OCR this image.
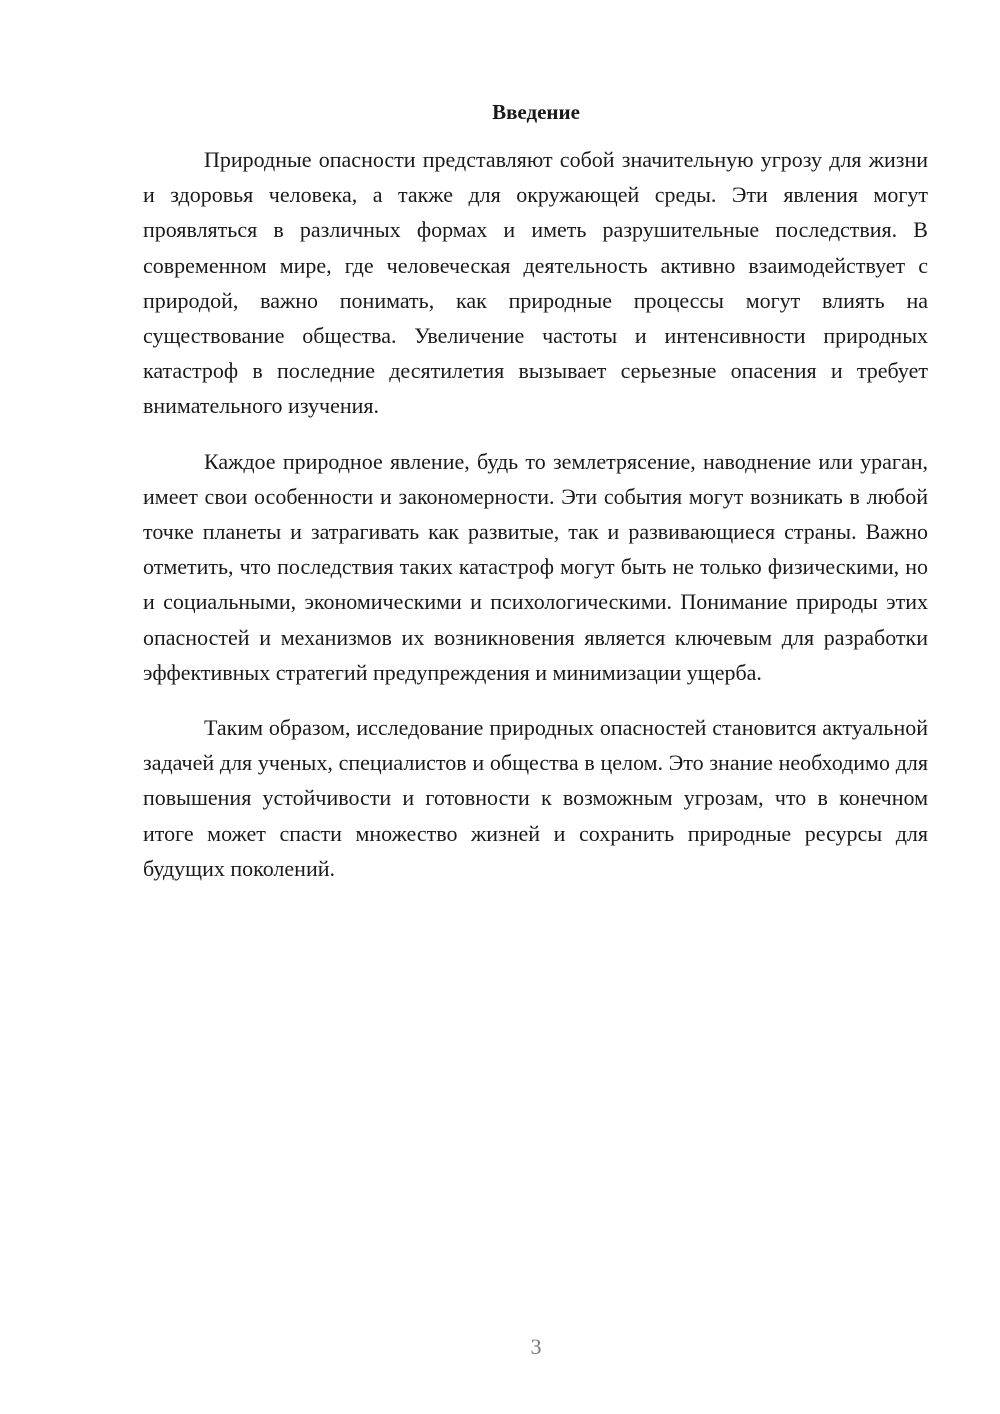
Введение

Природные опасности представляют собой значительную угрозу для жизни и здоровья человека, а также для окружающей среды. Эти явления могут проявляться в различных формах и иметь разрушительные последствия. В современном мире, где человеческая деятельность активно взаимодействует с природой, важно понимать, как природные процессы могут влиять на существование общества. Увеличение частоты и интенсивности природных катастроф в последние десятилетия вызывает серьезные опасения и требует внимательного изучения.

Каждое природное явление, будь то землетрясение, наводнение или ураган, имеет свои особенности и закономерности. Эти события могут возникать в любой точке планеты и затрагивать как развитые, так и развивающиеся страны. Важно отметить, что последствия таких катастроф могут быть не только физическими, но и социальными, экономическими и психологическими. Понимание природы этих опасностей и механизмов их возникновения является ключевым для разработки эффективных стратегий предупреждения и минимизации ущерба.

Таким образом, исследование природных опасностей становится актуальной задачей для ученых, специалистов и общества в целом. Это знание необходимо для повышения устойчивости и готовности к возможным угрозам, что в конечном итоге может спасти множество жизней и сохранить природные ресурсы для будущих поколений.

3
